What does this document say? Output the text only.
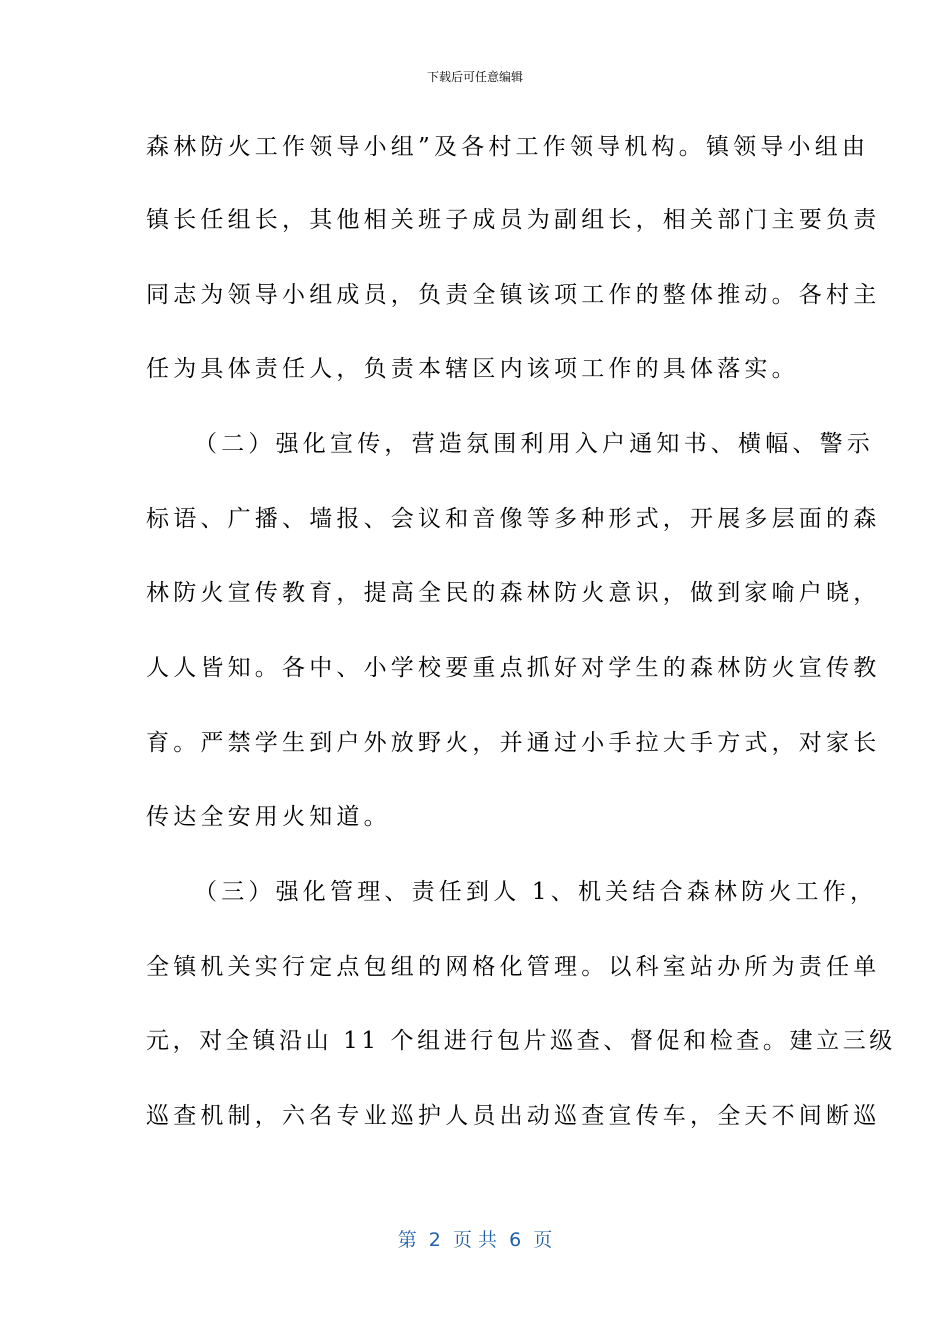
下载后可任意编辑
森林防火工作领导小组”及各村工作领导机构。镇领导小组由
镇长任组长，其他相关班子成员为副组长，相关部门主要负责
同志为领导小组成员，负责全镇该项工作的整体推动。各村主
任为具体责任人，负责本辖区内该项工作的具体落实。
（二）强化宣传，营造氛围利用入户通知书、横幅、警示
标语、广播、墙报、会议和音像等多种形式，开展多层面的森
林防火宣传教育，提高全民的森林防火意识，做到家喻户晓，
人人皆知。各中、小学校要重点抓好对学生的森林防火宣传教
育。严禁学生到户外放野火，并通过小手拉大手方式，对家长
传达全安用火知道。
（三）强化管理、责任到人 1、机关结合森林防火工作，
全镇机关实行定点包组的网格化管理。以科室站办所为责任单
元，对全镇沿山 11 个组进行包片巡查、督促和检查。建立三级
巡查机制，六名专业巡护人员出动巡查宣传车，全天不间断巡
第  2  页 共  6  页
